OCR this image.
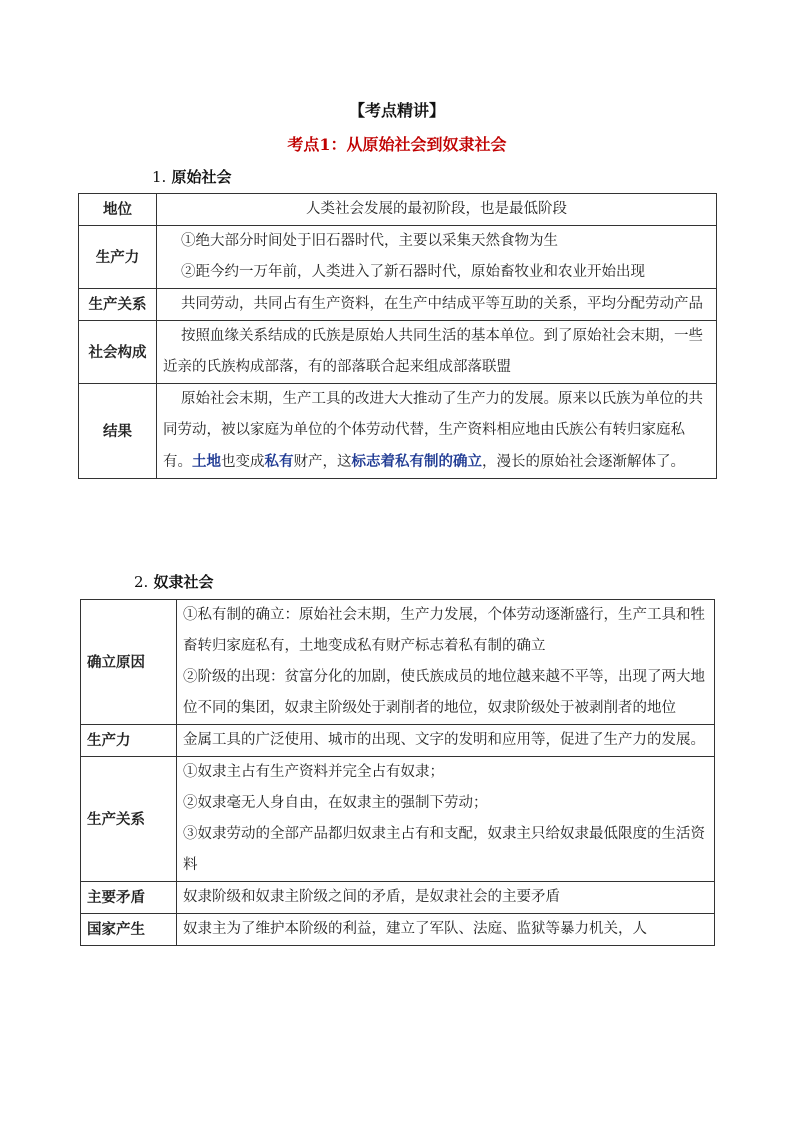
【考点精讲】
考点1：从原始社会到奴隶社会
1. 原始社会
地位	人类社会发展的最初阶段，也是最低阶段
生产力	①绝大部分时间处于旧石器时代，主要以采集天然食物为生
②距今约一万年前，人类进入了新石器时代，原始畜牧业和农业开始出现

生产关系	共同劳动，共同占有生产资料，在生产中结成平等互助的关系，平均分配劳动产品
社会构成	按照血缘关系结成的氏族是原始人共同生活的基本单位。到了原始社会末期，一些近亲的氏族构成部落，有的部落联合起来组成部落联盟
结果	原始社会末期，生产工具的改进大大推动了生产力的发展。原来以氏族为单位的共同劳动，被以家庭为单位的个体劳动代替，生产资料相应地由氏族公有转归家庭私有。土地也变成私有财产，这标志着私有制的确立，漫长的原始社会逐渐解体了。
2. 奴隶社会
确立原因	①私有制的确立：原始社会末期，生产力发展，个体劳动逐渐盛行，生产工具和牲畜转归家庭私有，土地变成私有财产标志着私有制的确立
②阶级的出现：贫富分化的加剧，使氏族成员的地位越来越不平等，出现了两大地位不同的集团，奴隶主阶级处于剥削者的地位，奴隶阶级处于被剥削者的地位

生产力	金属工具的广泛使用、城市的出现、文字的发明和应用等，促进了生产力的发展。
生产关系	①奴隶主占有生产资料并完全占有奴隶；
②奴隶毫无人身自由，在奴隶主的强制下劳动；
③奴隶劳动的全部产品都归奴隶主占有和支配，奴隶主只给奴隶最低限度的生活资料

主要矛盾	奴隶阶级和奴隶主阶级之间的矛盾，是奴隶社会的主要矛盾
国家产生	奴隶主为了维护本阶级的利益，建立了军队、法庭、监狱等暴力机关，人
